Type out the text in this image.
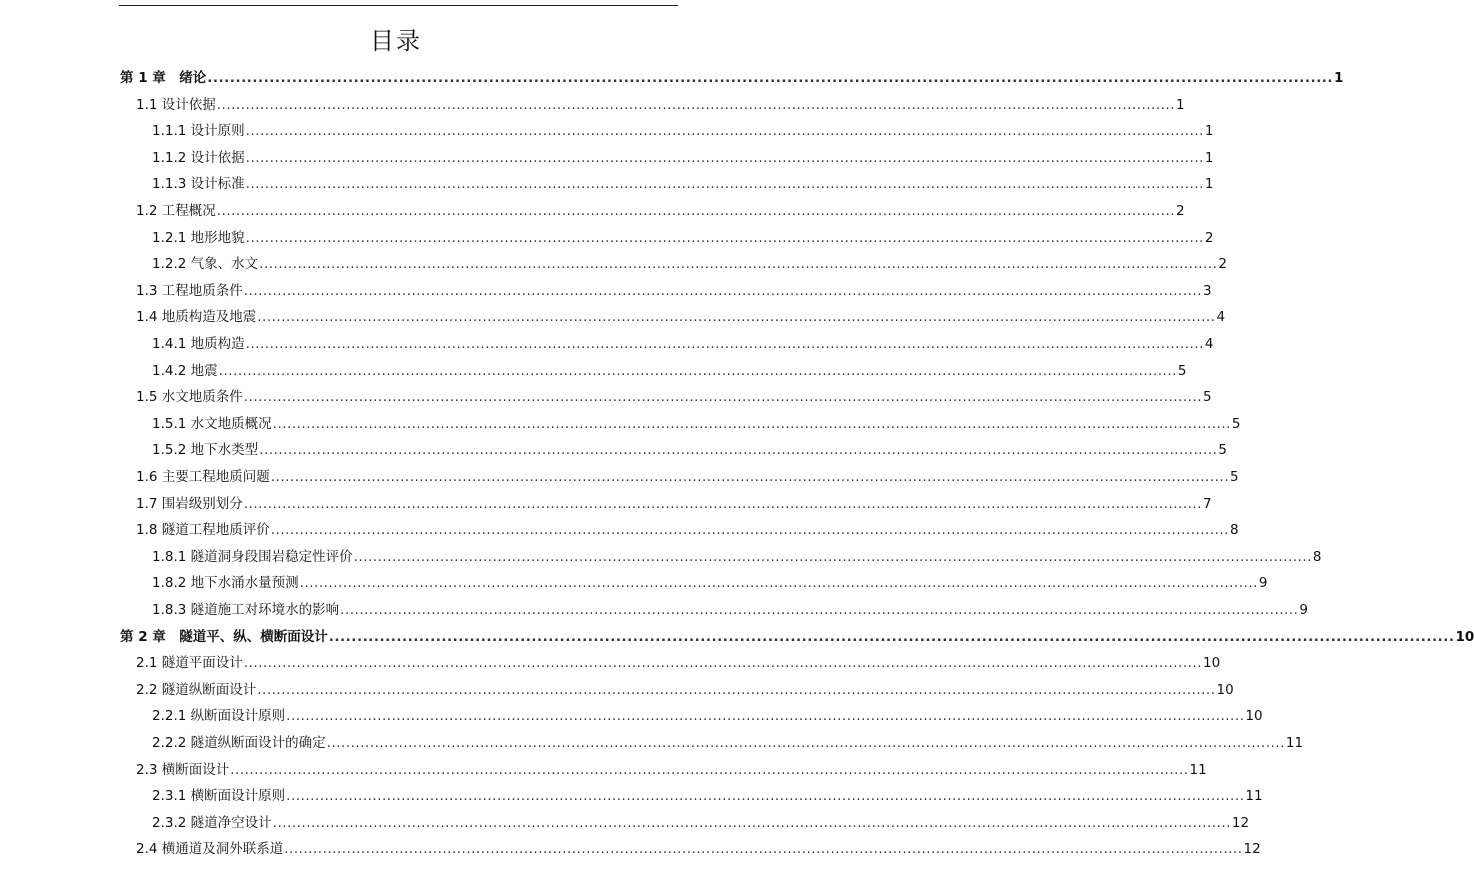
目录
第 1 章　绪论 ........................................................................................................................................................................................................ 1
1.1 设计依据 ........................................................................................................................................................................................................ 1
1.1.1 设计原则 ........................................................................................................................................................................................................ 1
1.1.2 设计依据 ........................................................................................................................................................................................................ 1
1.1.3 设计标准 ........................................................................................................................................................................................................ 1
1.2 工程概况 ........................................................................................................................................................................................................ 2
1.2.1 地形地貌 ........................................................................................................................................................................................................ 2
1.2.2 气象、水文 ........................................................................................................................................................................................................ 2
1.3 工程地质条件 ........................................................................................................................................................................................................ 3
1.4 地质构造及地震 ........................................................................................................................................................................................................ 4
1.4.1 地质构造 ........................................................................................................................................................................................................ 4
1.4.2 地震 ........................................................................................................................................................................................................ 5
1.5 水文地质条件 ........................................................................................................................................................................................................ 5
1.5.1 水文地质概况 ........................................................................................................................................................................................................ 5
1.5.2 地下水类型 ........................................................................................................................................................................................................ 5
1.6 主要工程地质问题 ........................................................................................................................................................................................................ 5
1.7 围岩级别划分 ........................................................................................................................................................................................................ 7
1.8 隧道工程地质评价 ........................................................................................................................................................................................................ 8
1.8.1 隧道洞身段围岩稳定性评价 ........................................................................................................................................................................................................ 8
1.8.2 地下水涌水量预测 ........................................................................................................................................................................................................ 9
1.8.3 隧道施工对环境水的影响 ........................................................................................................................................................................................................ 9
第 2 章　隧道平、纵、横断面设计 ........................................................................................................................................................................................................ 10
2.1 隧道平面设计 ........................................................................................................................................................................................................ 10
2.2 隧道纵断面设计 ........................................................................................................................................................................................................ 10
2.2.1 纵断面设计原则 ........................................................................................................................................................................................................ 10
2.2.2 隧道纵断面设计的确定 ........................................................................................................................................................................................................ 11
2.3 横断面设计 ........................................................................................................................................................................................................ 11
2.3.1 横断面设计原则 ........................................................................................................................................................................................................ 11
2.3.2 隧道净空设计 ........................................................................................................................................................................................................ 12
2.4 横通道及洞外联系道 ........................................................................................................................................................................................................ 12
